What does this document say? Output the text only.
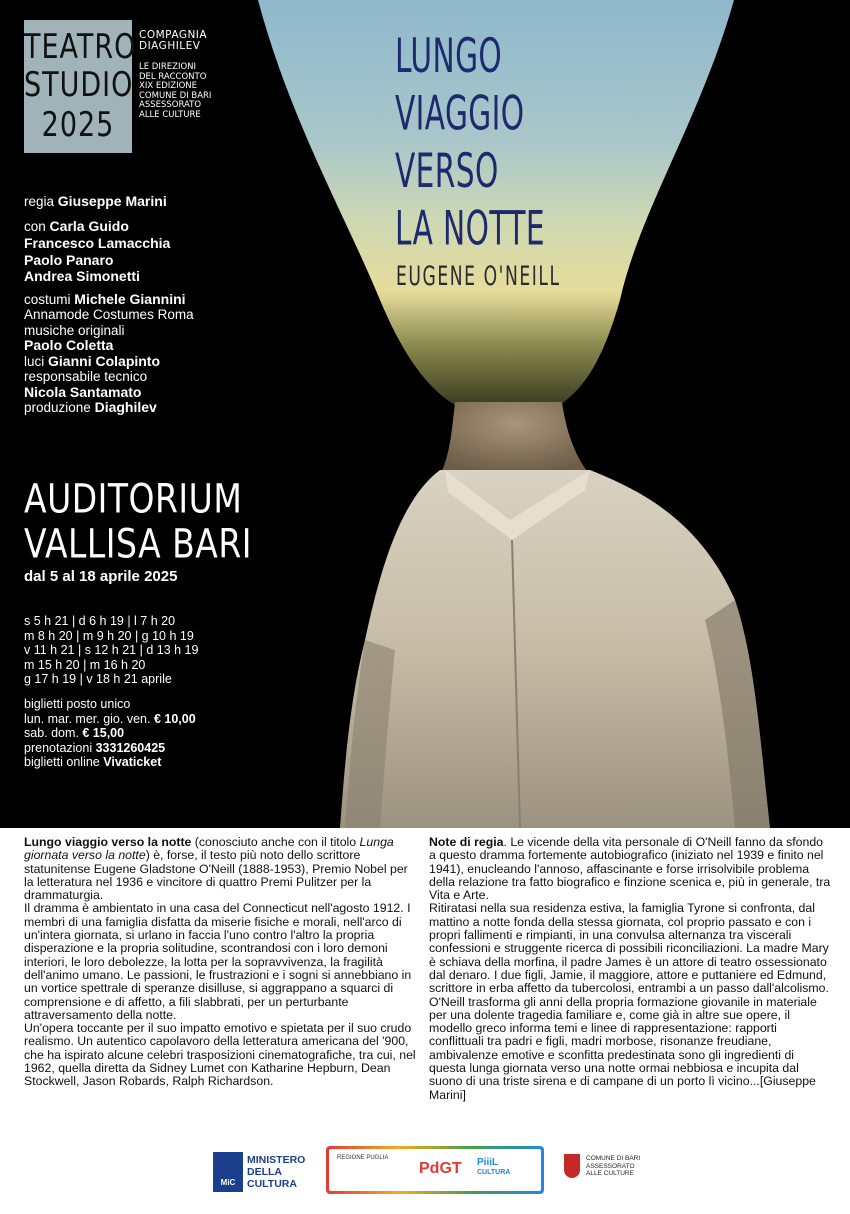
TEATRO
STUDIO
2025
COMPAGNIA
DIAGHILEV
LE DIREZIONI
DEL RACCONTO
XIX EDIZIONE
COMUNE DI BARI
ASSESSORATO
ALLE CULTURE
LUNGO
VIAGGIO
VERSO
LA NOTTE
EUGENE O'NEILL
regia Giuseppe Marini
con Carla Guido
Francesco Lamacchia
Paolo Panaro
Andrea Simonetti
costumi Michele Giannini
Annamode Costumes Roma
musiche originali
Paolo Coletta
luci Gianni Colapinto
responsabile tecnico
Nicola Santamato
produzione Diaghilev
AUDITORIUM
VALLISA BARI
dal 5 al 18 aprile 2025
s 5 h 21 | d 6 h 19 | l 7 h 20
m 8 h 20 | m 9 h 20 | g 10 h 19
v 11 h 21 | s 12 h 21 | d 13 h 19
m 15 h 20 | m 16 h 20
g 17 h 19 | v 18 h 21 aprile
biglietti posto unico
lun. mar. mer. gio. ven. € 10,00
sab. dom. € 15,00
prenotazioni 3331260425
biglietti online Vivaticket

Lungo viaggio verso la notte (conosciuto anche con il titolo Lunga giornata verso la notte) è, forse, il testo più noto dello scrittore statunitense Eugene Gladstone O'Neill (1888-1953), Premio Nobel per la letteratura nel 1936 e vincitore di quattro Premi Pulitzer per la drammaturgia.

Il dramma è ambientato in una casa del Connecticut nell'agosto 1912. I membri di una famiglia disfatta da miserie fisiche e morali, nell'arco di un'intera giornata, si urlano in faccia l'uno contro l'altro la propria disperazione e la propria solitudine, scontrandosi con i loro demoni interiori, le loro debolezze, la lotta per la sopravvivenza, la fragilità dell'animo umano. Le passioni, le frustrazioni e i sogni si annebbiano in un vortice spettrale di speranze disilluse, si aggrappano a squarci di comprensione e di affetto, a fili slabbrati, per un perturbante attraversamento della notte.

Un'opera toccante per il suo impatto emotivo e spietata per il suo crudo realismo. Un autentico capolavoro della letteratura americana del '900, che ha ispirato alcune celebri trasposizioni cinematografiche, tra cui, nel 1962, quella diretta da Sidney Lumet con Katharine Hepburn, Dean Stockwell, Jason Robards, Ralph Richardson.

Note di regia. Le vicende della vita personale di O'Neill fanno da sfondo a questo dramma fortemente autobiografico (iniziato nel 1939 e finito nel 1941), enucleando l'annoso, affascinante e forse irrisolvibile problema della relazione tra fatto biografico e finzione scenica e, più in generale, tra Vita e Arte.

Ritiratasi nella sua residenza estiva, la famiglia Tyrone si confronta, dal mattino a notte fonda della stessa giornata, col proprio passato e con i propri fallimenti e rimpianti, in una convulsa alternanza tra viscerali confessioni e struggente ricerca di possibili riconciliazioni. La madre Mary è schiava della morfina, il padre James è un attore di teatro ossessionato dal denaro. I due figli, Jamie, il maggiore, attore e puttaniere ed Edmund, scrittore in erba affetto da tubercolosi, entrambi a un passo dall'alcolismo.

O'Neill trasforma gli anni della propria formazione giovanile in materiale per una dolente tragedia familiare e, come già in altre sue opere, il modello greco informa temi e linee di rappresentazione: rapporti conflittuali tra padri e figli, madri morbose, risonanze freudiane, ambivalenze emotive e sconfitta predestinata sono gli ingredienti di questa lunga giornata verso una notte ormai nebbiosa e incupita dal suono di una triste sirena e di campane di un porto lì vicino...[Giuseppe Marini]

MiC
MINISTERO
DELLA
CULTURA
REGIONE PUGLIA
PdGT PiiiL
CULTURA
COMUNE DI BARI
ASSESSORATO
ALLE CULTURE
